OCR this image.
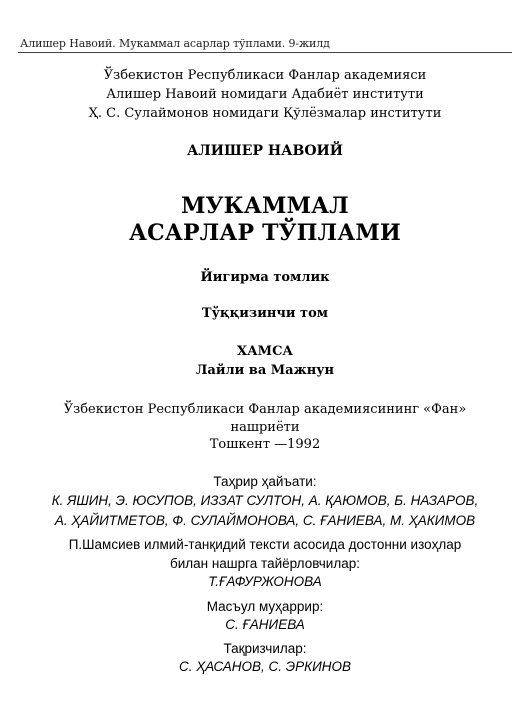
Алишер Навоий. Мукаммал асарлар тўплами. 9-жилд
Ўзбекистон Республикаси Фанлар академияси
Алишер Навоий номидаги Адабиёт институти
Ҳ. С. Сулаймонов номидаги Қўлёзмалар институти
АЛИШЕР НАВОИЙ
МУКАММАЛ
АСАРЛАР ТЎПЛАМИ
Йигирма томлик
Тўққизинчи том
ХАМСА
Лайли ва Мажнун
Ўзбекистон Республикаси Фанлар академиясининг «Фан»
нашриёти
Тошкент —1992
Таҳрир ҳайъати:
К. ЯШИН, Э. ЮСУПОВ, ИЗЗАТ СУЛТОН, А. ҚАЮМОВ, Б. НАЗАРОВ,
А. ҲАЙИТМЕТОВ, Ф. СУЛАЙМОНОВА, С. ҒАНИЕВА, М. ҲАКИМОВ
П.Шамсиев илмий-танқидий тексти асосида достонни изоҳлар
билан нашрга тайёрловчилар:
Т.ҒАФУРЖОНОВА
Масъул муҳаррир:
С. ҒАНИЕВА
Тақризчилар:
С. ҲАСАНОВ, С. ЭРКИНОВ
